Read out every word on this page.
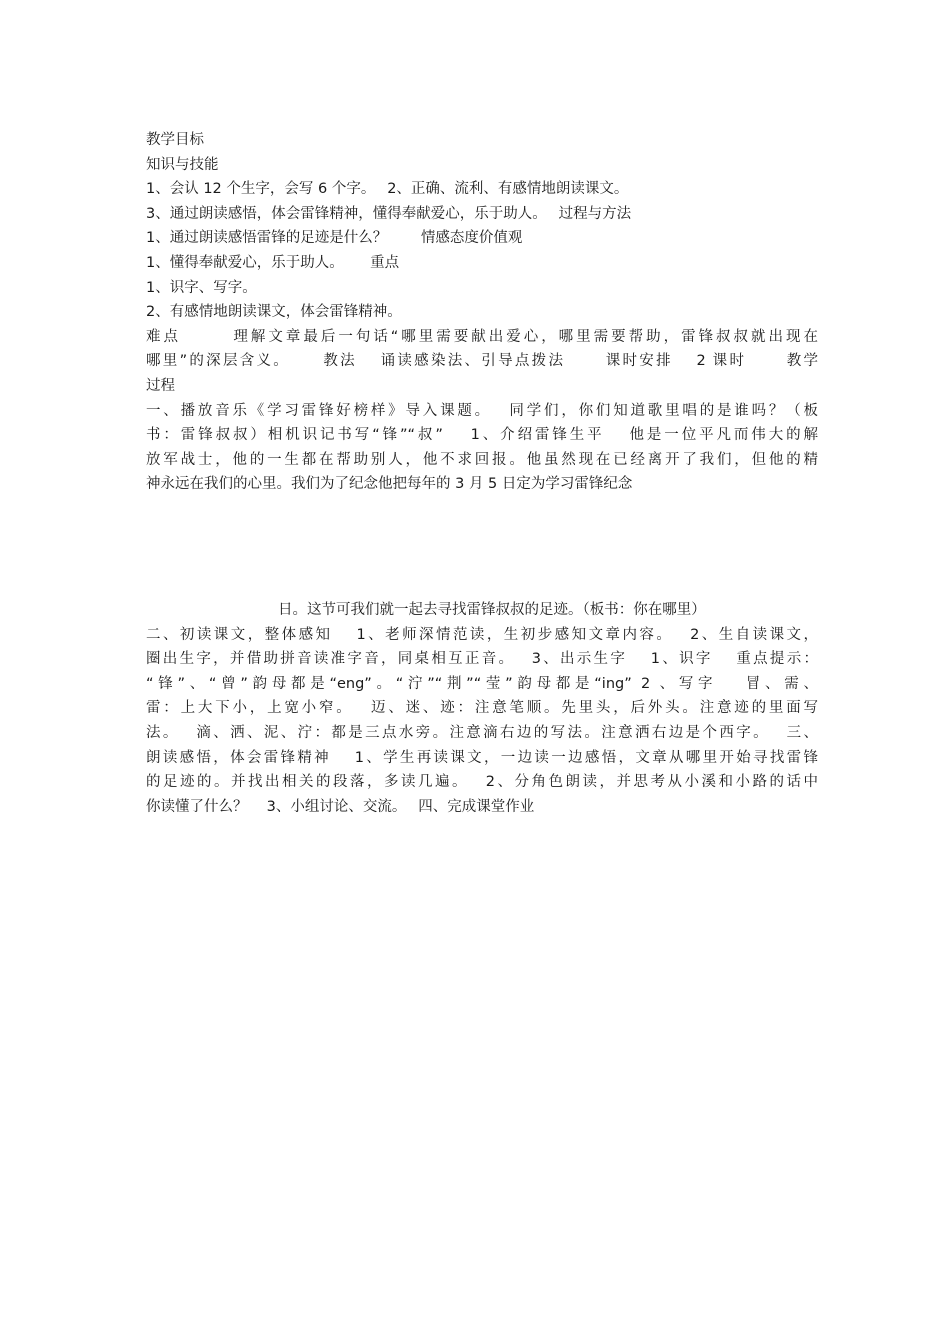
教学目标
知识与技能
1、会认 12 个生字，会写 6 个字。　 2、正确、流利、有感情地朗读课文。
3、通过朗读感悟，体会雷锋精神，懂得奉献爱心，乐于助人。　 过程与方法
1、通过朗读感悟雷锋的足迹是什么？　　 情感态度价值观
1、懂得奉献爱心，乐于助人。　　 重点
1、识字、写字。
2、有感情地朗读课文，体会雷锋精神。
难点　　　理解文章最后一句话“哪里需要献出爱心，哪里需要帮助，雷锋叔叔就出现在
哪里”的深层含义。　　 教法　 诵读感染法、引导点拨法　　 课时安排　 2 课时　　 教学
过程
一、播放音乐《学习雷锋好榜样》导入课题。　 同学们，你们知道歌里唱的是谁吗？（板
书：雷锋叔叔）相机识记书写“锋”“叔”　 1、介绍雷锋生平　 他是一位平凡而伟大的解
放军战士，他的一生都在帮助别人，他不求回报。他虽然现在已经离开了我们，但他的精
神永远在我们的心里。我们为了纪念他把每年的 3 月 5 日定为学习雷锋纪念
日。这节可我们就一起去寻找雷锋叔叔的足迹。（板书：你在哪里）
二、初读课文，整体感知　 1、老师深情范读，生初步感知文章内容。　 2、生自读课文，
圈出生字，并借助拼音读准字音，同桌相互正音。　 3、出示生字　 1、识字　 重点提示：
“锋”、“曾”韵母都是“eng”。“泞”“荆”“莹”韵母都是“ing” 2 、写字　 冒、需、
雷：上大下小，上宽小窄。　 迈、迷、迹：注意笔顺。先里头，后外头。注意迹的里面写
法。　 滴、洒、泥、泞：都是三点水旁。注意滴右边的写法。注意洒右边是个西字。　 三、
朗读感悟，体会雷锋精神　 1、学生再读课文，一边读一边感悟，文章从哪里开始寻找雷锋
的足迹的。并找出相关的段落，多读几遍。　 2、分角色朗读，并思考从小溪和小路的话中
你读懂了什么？　 3、小组讨论、交流。　 四、完成课堂作业
